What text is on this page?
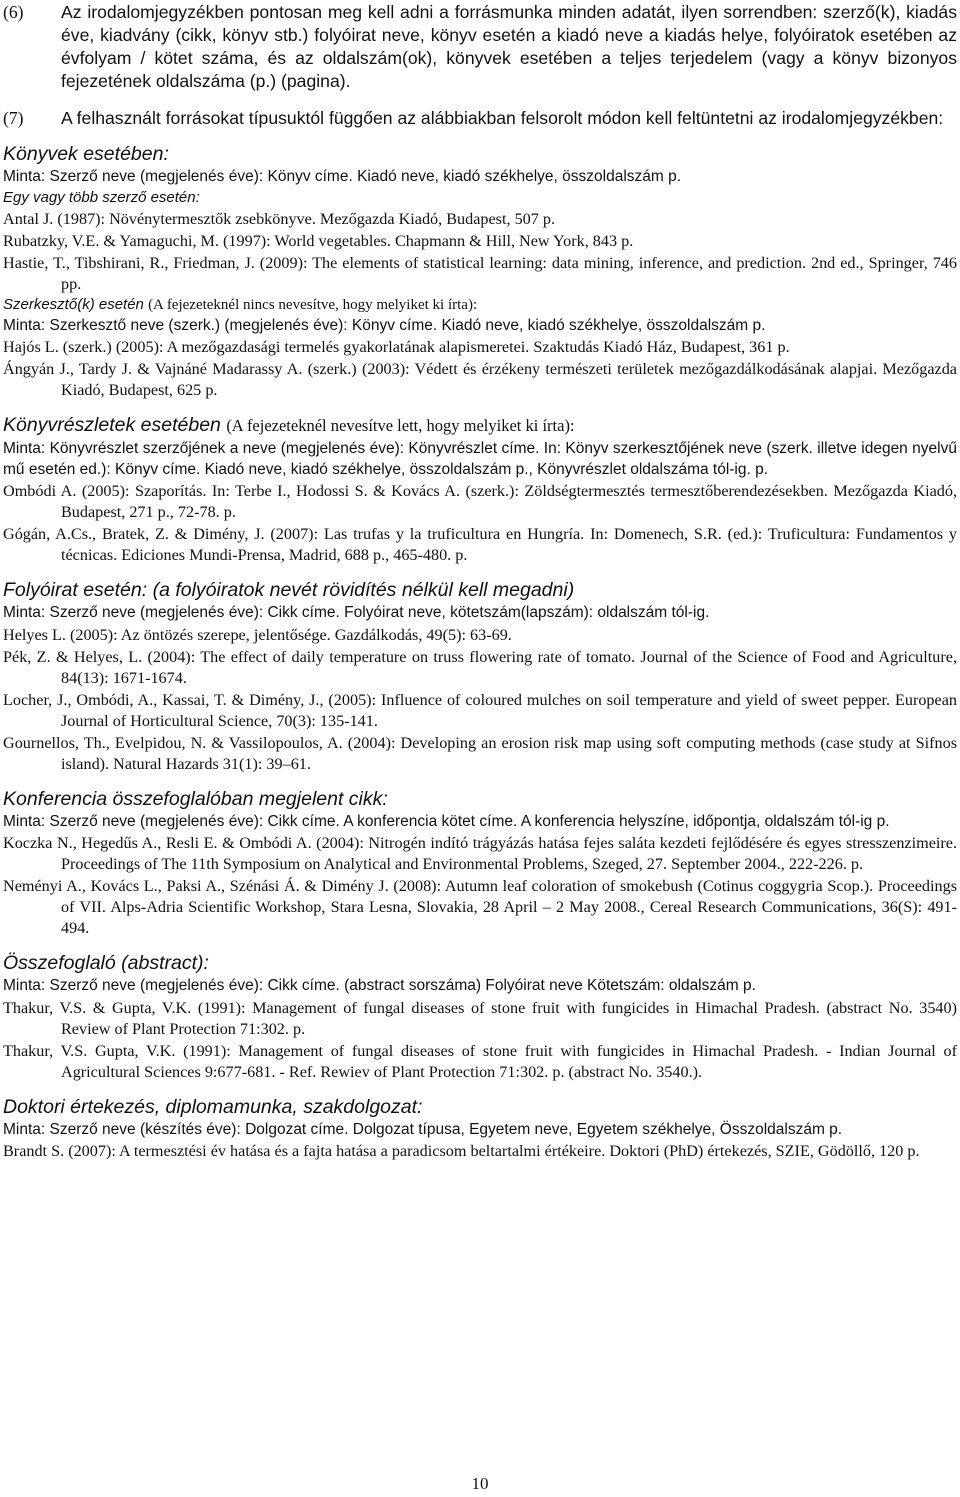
(6)	Az irodalomjegyzékben pontosan meg kell adni a forrásmunka minden adatát, ilyen sorrendben: szerző(k), kiadás éve, kiadvány (cikk, könyv stb.) folyóirat neve, könyv esetén a kiadó neve a kiadás helye, folyóiratok esetében az évfolyam / kötet száma, és az oldalszám(ok), könyvek esetében a teljes terjedelem (vagy a könyv bizonyos fejezetének oldalszáma (p.) (pagina).
(7)	A felhasznált forrásokat típusuktól függően az alábbiakban felsorolt módon kell feltüntetni az irodalomjegyzékben:
Könyvek esetében:
Minta: Szerző neve (megjelenés éve): Könyv címe. Kiadó neve, kiadó székhelye, összoldalszám p.
Egy vagy több szerző esetén:
Antal J. (1987): Növénytermesztők zsebkönyve. Mezőgazda Kiadó, Budapest, 507 p.
Rubatzky, V.E. & Yamaguchi, M. (1997): World vegetables. Chapmann & Hill, New York, 843 p.
Hastie, T., Tibshirani, R., Friedman, J. (2009): The elements of statistical learning: data mining, inference, and prediction. 2nd ed., Springer, 746 pp.
Szerkesztő(k) esetén (A fejezeteknél nincs nevesítve, hogy melyiket ki írta):
Minta: Szerkesztő neve (szerk.) (megjelenés éve): Könyv címe. Kiadó neve, kiadó székhelye, összoldalszám p.
Hajós L. (szerk.) (2005): A mezőgazdasági termelés gyakorlatának alapismeretei. Szaktudás Kiadó Ház, Budapest, 361 p.
Ángyán J., Tardy J. & Vajnáné Madarassy A. (szerk.) (2003): Védett és érzékeny természeti területek mezőgazdálkodásának alapjai. Mezőgazda Kiadó, Budapest, 625 p.
Könyvrészletek esetében (A fejezeteknél nevesítve lett, hogy melyiket ki írta):
Minta: Könyvrészlet szerzőjének a neve (megjelenés éve): Könyvrészlet címe. In: Könyv szerkesztőjének neve (szerk. illetve idegen nyelvű mű esetén ed.): Könyv címe. Kiadó neve, kiadó székhelye, összoldalszám p., Könyvrészlet oldalszáma tól-ig. p.
Ombódi A. (2005): Szaporítás. In: Terbe I., Hodossi S. & Kovács A. (szerk.): Zöldségtermesztés termesztőberendezésekben. Mezőgazda Kiadó, Budapest, 271 p., 72-78. p.
Gógán, A.Cs., Bratek, Z. & Dimény, J. (2007): Las trufas y la truficultura en Hungría. In: Domenech, S.R. (ed.): Truficultura: Fundamentos y técnicas. Ediciones Mundi-Prensa, Madrid, 688 p., 465-480. p.
Folyóirat esetén: (a folyóiratok nevét rövidítés nélkül kell megadni)
Minta: Szerző neve (megjelenés éve): Cikk címe. Folyóirat neve, kötetszám(lapszám): oldalszám tól-ig.
Helyes L. (2005): Az öntözés szerepe, jelentősége. Gazdálkodás, 49(5): 63-69.
Pék, Z. & Helyes, L. (2004): The effect of daily temperature on truss flowering rate of tomato. Journal of the Science of Food and Agriculture, 84(13): 1671-1674.
Locher, J., Ombódi, A., Kassai, T. & Dimény, J., (2005): Influence of coloured mulches on soil temperature and yield of sweet pepper. European Journal of Horticultural Science, 70(3): 135-141.
Gournellos, Th., Evelpidou, N. & Vassilopoulos, A. (2004): Developing an erosion risk map using soft computing methods (case study at Sifnos island). Natural Hazards 31(1): 39–61.
Konferencia összefoglalóban megjelent cikk:
Minta: Szerző neve (megjelenés éve): Cikk címe. A konferencia kötet címe. A konferencia helyszíne, időpontja, oldalszám tól-ig p.
Koczka N., Hegedűs A., Resli E. & Ombódi A. (2004): Nitrogén indító trágyázás hatása fejes saláta kezdeti fejlődésére és egyes stresszenzimeire. Proceedings of The 11th Symposium on Analytical and Environmental Problems, Szeged, 27. September 2004., 222-226. p.
Neményi A., Kovács L., Paksi A., Szénási Á. & Dimény J. (2008): Autumn leaf coloration of smokebush (Cotinus coggygria Scop.). Proceedings of VII. Alps-Adria Scientific Workshop, Stara Lesna, Slovakia, 28 April – 2 May 2008., Cereal Research Communications, 36(S): 491-494.
Összefoglaló (abstract):
Minta: Szerző neve (megjelenés éve): Cikk címe. (abstract sorszáma) Folyóirat neve Kötetszám: oldalszám p.
Thakur, V.S. & Gupta, V.K. (1991): Management of fungal diseases of stone fruit with fungicides in Himachal Pradesh. (abstract No. 3540) Review of Plant Protection 71:302. p.
Thakur, V.S. Gupta, V.K. (1991): Management of fungal diseases of stone fruit with fungicides in Himachal Pradesh. - Indian Journal of Agricultural Sciences 9:677-681. - Ref. Rewiev of Plant Protection 71:302. p. (abstract No. 3540.).
Doktori értekezés, diplomamunka, szakdolgozat:
Minta: Szerző neve (készítés éve): Dolgozat címe. Dolgozat típusa, Egyetem neve, Egyetem székhelye, Összoldalszám p.
Brandt S. (2007): A termesztési év hatása és a fajta hatása a paradicsom beltartalmi értékeire. Doktori (PhD) értekezés, SZIE, Gödöllő, 120 p.
10
